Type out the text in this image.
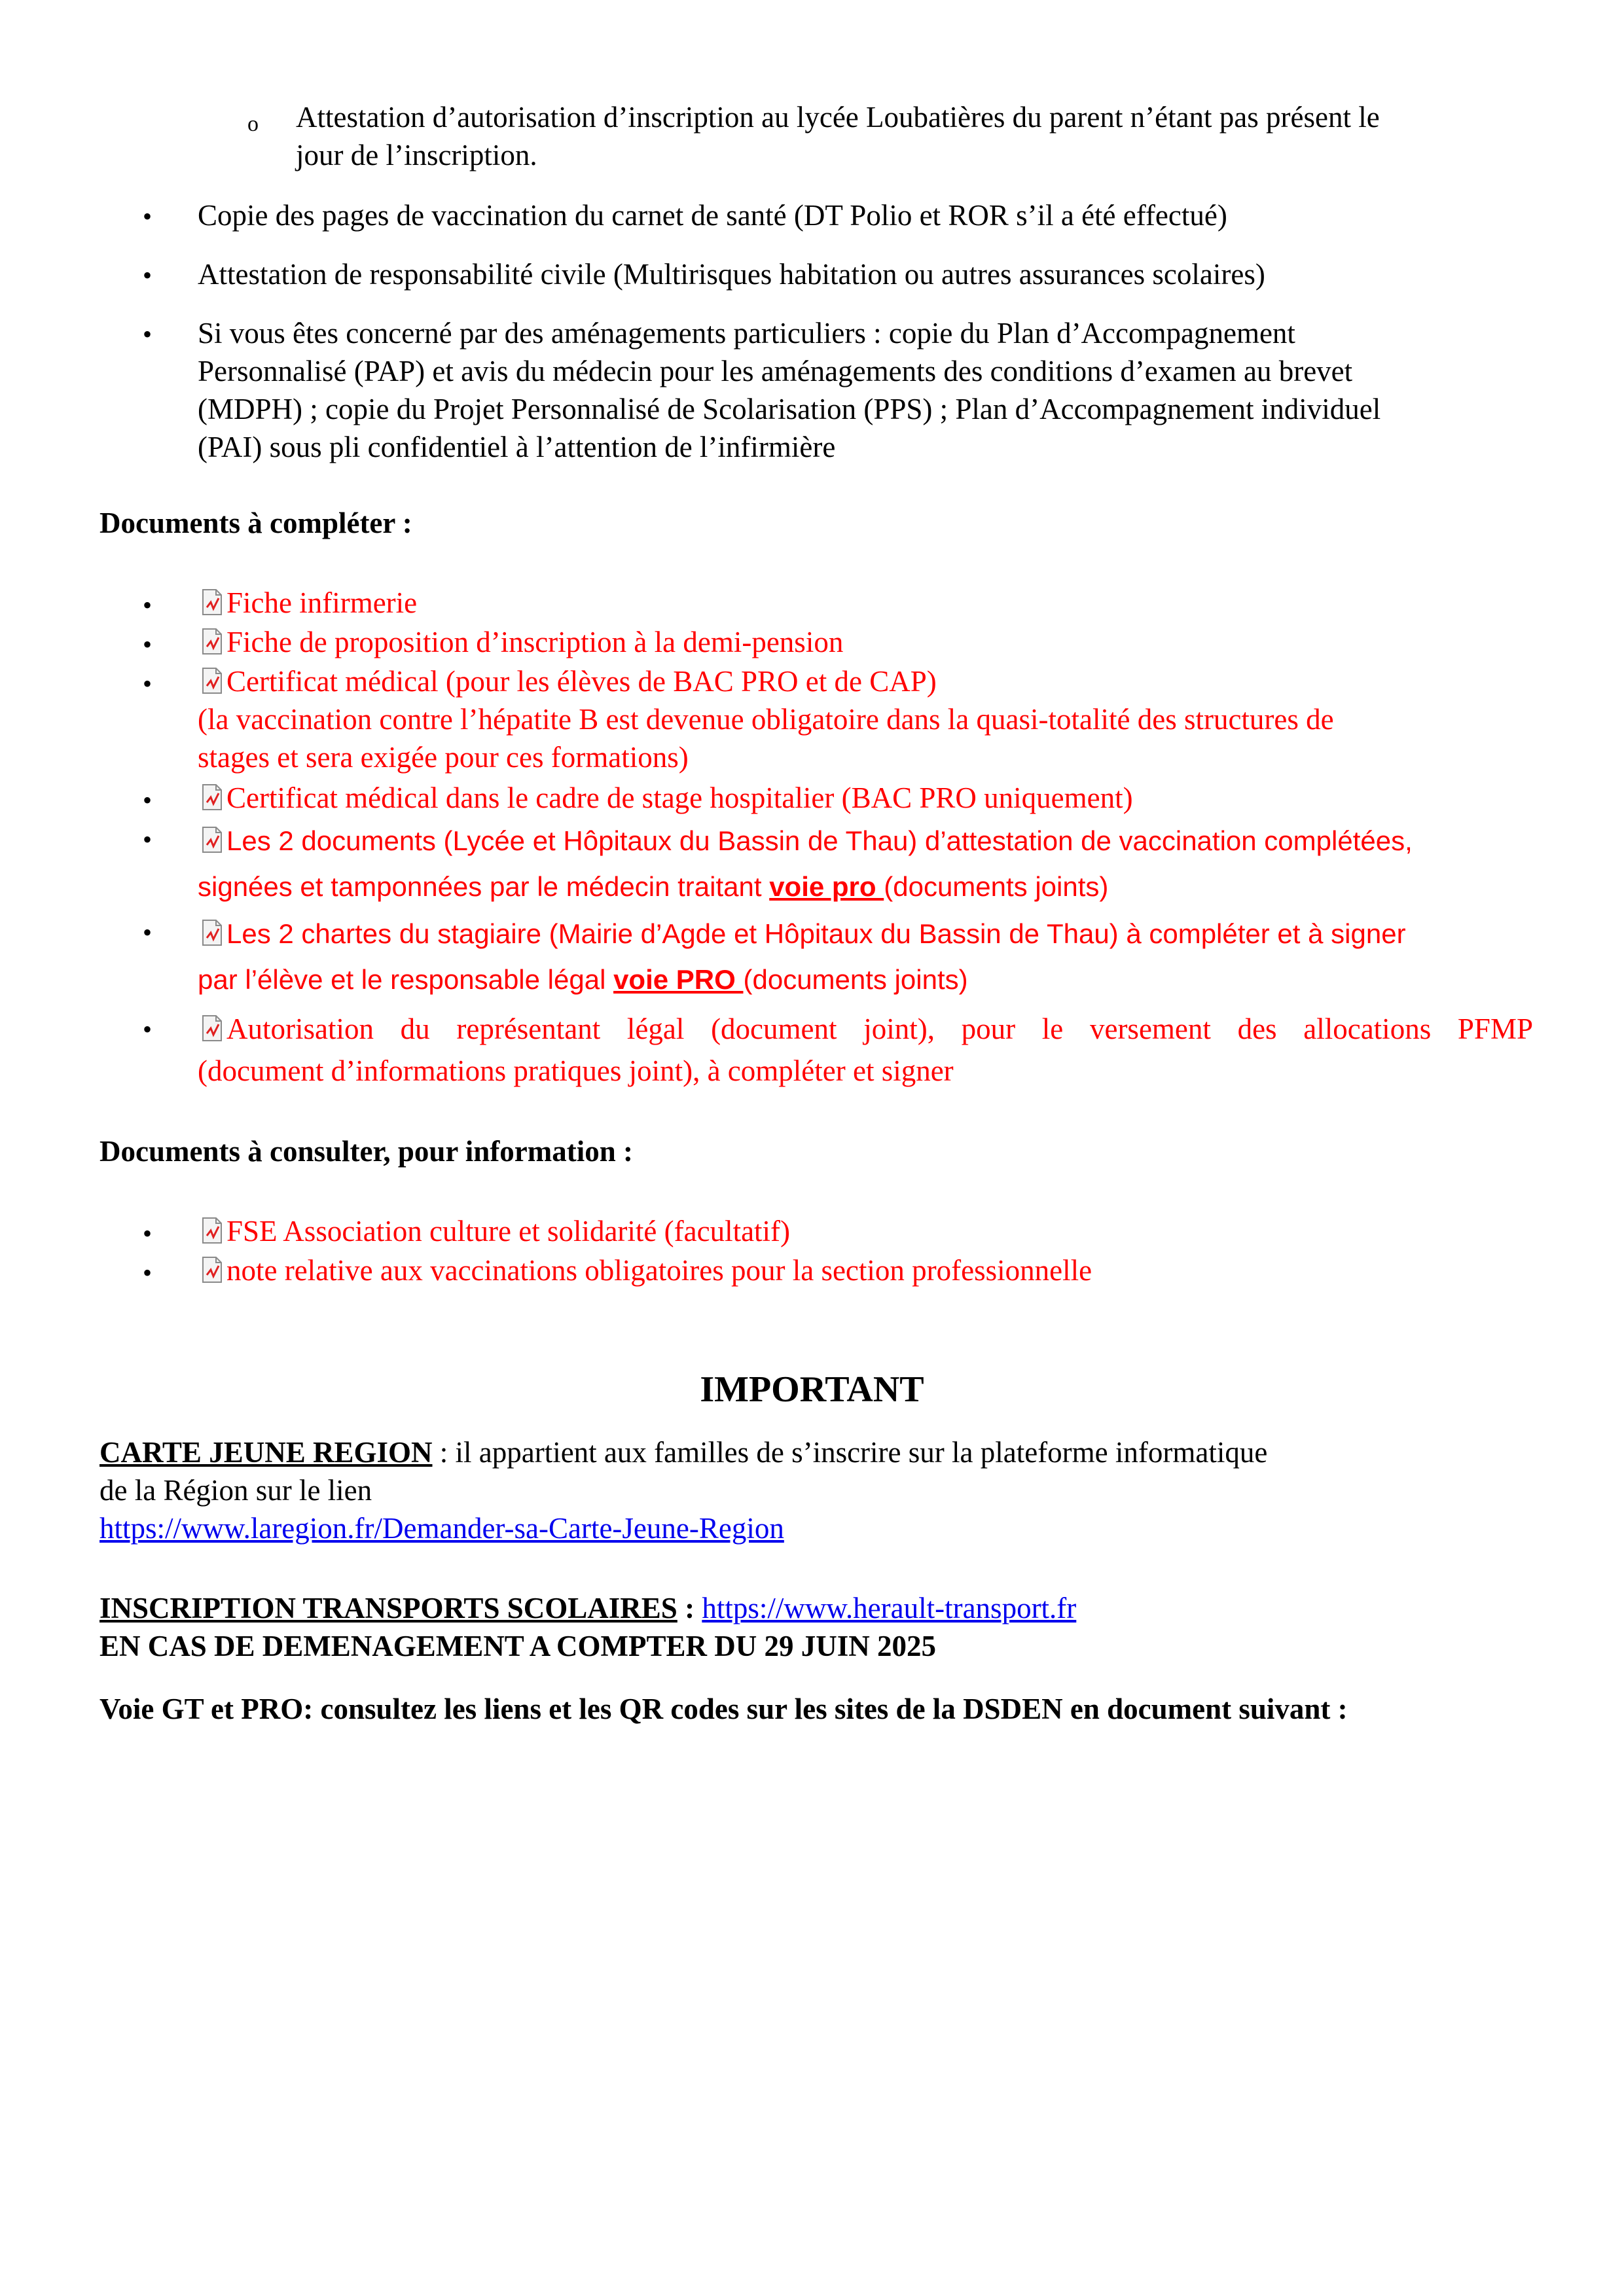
o Attestation d’autorisation d’inscription au lycée Loubatières du parent n’étant pas présent le
jour de l’inscription.
• Copie des pages de vaccination du carnet de santé (DT Polio et ROR s’il a été effectué)
• Attestation de responsabilité civile (Multirisques habitation ou autres assurances scolaires)
• Si vous êtes concerné par des aménagements particuliers : copie du Plan d’Accompagnement
Personnalisé (PAP) et avis du médecin pour les aménagements des conditions d’examen au brevet
(MDPH) ; copie du Projet Personnalisé de Scolarisation (PPS) ; Plan d’Accompagnement individuel
(PAI) sous pli confidentiel à l’attention de l’infirmière
Documents à compléter :
•	Fiche infirmerie
•	Fiche de proposition d’inscription à la demi-pension
•	Certificat médical (pour les élèves de BAC PRO et de CAP)
(la vaccination contre l’hépatite B est devenue obligatoire dans la quasi-totalité des structures de
stages et sera exigée pour ces formations)
•	Certificat médical dans le cadre de stage hospitalier (BAC PRO uniquement)
•	Les 2 documents (Lycée et Hôpitaux du Bassin de Thau) d’attestation de vaccination complétées,
signées et tamponnées par le médecin traitant voie pro (documents joints)
•	Les 2 chartes du stagiaire (Mairie d’Agde et Hôpitaux du Bassin de Thau) à compléter et à signer
par l’élève et le responsable légal voie PRO (documents joints)
•	Autorisation du représentant légal (document joint), pour le versement des allocations PFMP
(document d’informations pratiques joint), à compléter et signer
Documents à consulter, pour information :
•	FSE Association culture et solidarité (facultatif)
•	note relative aux vaccinations obligatoires pour la section professionnelle
IMPORTANT
CARTE JEUNE REGION : il appartient aux familles de s’inscrire sur la plateforme informatique
de la Région sur le lien
https://www.laregion.fr/Demander-sa-Carte-Jeune-Region
INSCRIPTION TRANSPORTS SCOLAIRES : https://www.herault-transport.fr
EN CAS DE DEMENAGEMENT A COMPTER DU 29 JUIN 2025
Voie GT et PRO: consultez les liens et les QR codes sur les sites de la DSDEN en document suivant :
